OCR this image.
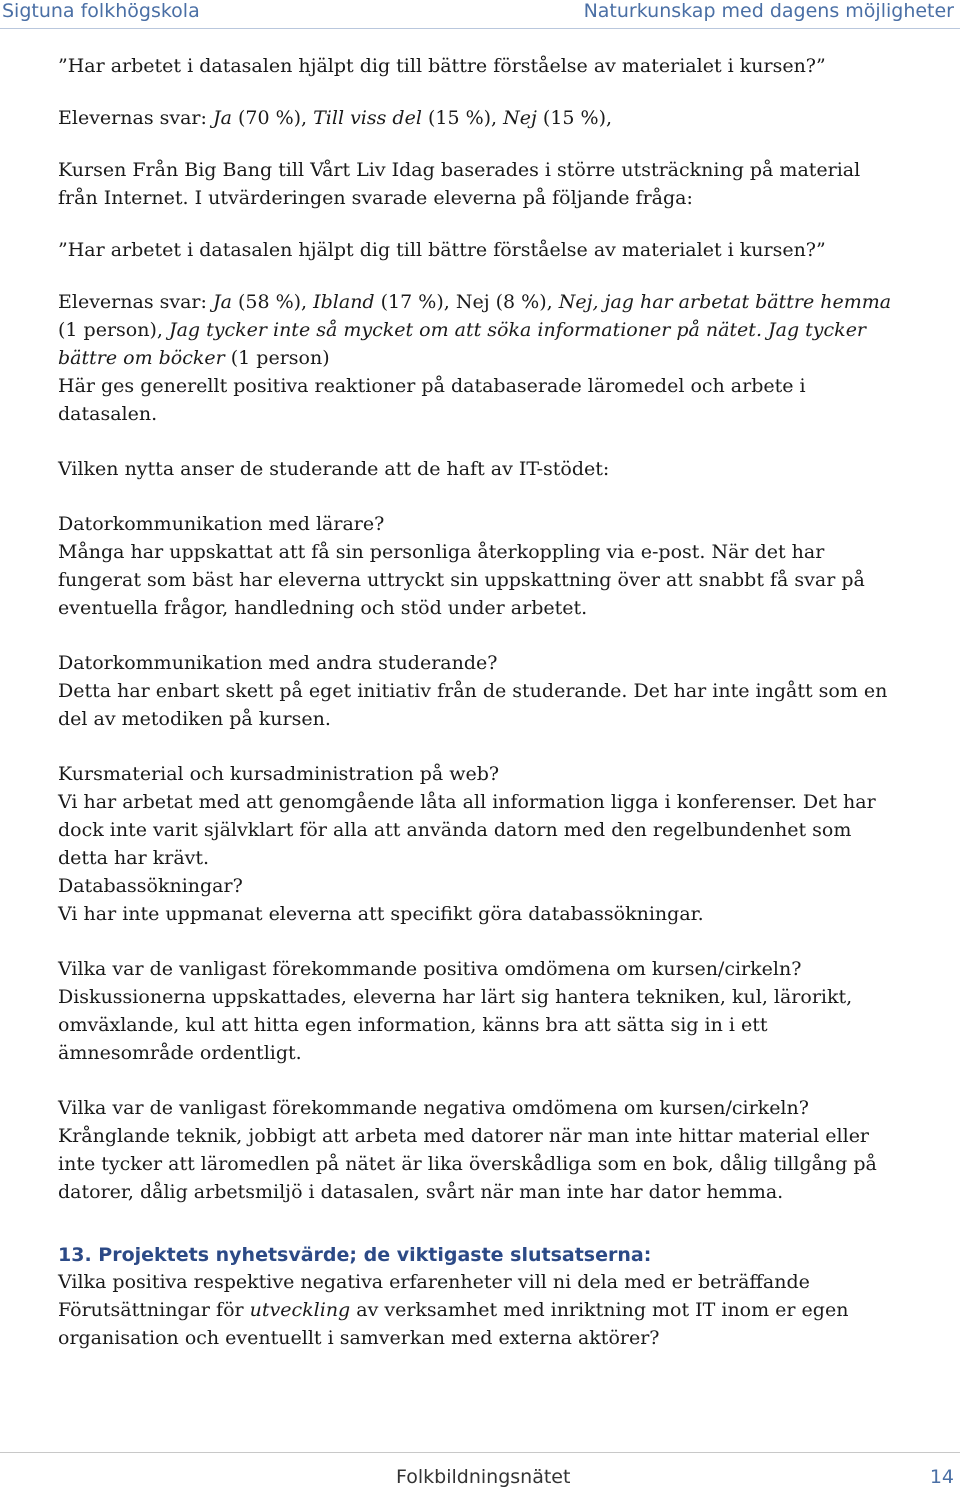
Sigtuna folkhögskola	Naturkunskap med dagens möjligheter

”Har arbetet i datasalen hjälpt dig till bättre förståelse av materialet i kursen?”

Elevernas svar: Ja (70 %), Till viss del (15 %), Nej (15 %),

Kursen Från Big Bang till Vårt Liv Idag baserades i större utsträckning på material från Internet. I utvärderingen svarade eleverna på följande fråga:

”Har arbetet i datasalen hjälpt dig till bättre förståelse av materialet i kursen?”

Elevernas svar: Ja (58 %), Ibland (17 %), Nej (8 %), Nej, jag har arbetat bättre hemma
(1 person), Jag tycker inte så mycket om att söka informationer på nätet. Jag tycker bättre om böcker (1 person)
Här ges generellt positiva reaktioner på databaserade läromedel och arbete i datasalen.

Vilken nytta anser de studerande att de haft av IT-stödet:

Datorkommunikation med lärare?

Många har uppskattat att få sin personliga återkoppling via e-post. När det har fungerat som bäst har eleverna uttryckt sin uppskattning över att snabbt få svar på eventuella frågor, handledning och stöd under arbetet.

Datorkommunikation med andra studerande?

Detta har enbart skett på eget initiativ från de studerande. Det har inte ingått som en del av metodiken på kursen.

Kursmaterial och kursadministration på web?

Vi har arbetat med att genomgående låta all information ligga i konferenser. Det har dock inte varit självklart för alla att använda datorn med den regelbundenhet som detta har krävt.

Databassökningar?

Vi har inte uppmanat eleverna att specifikt göra databassökningar.

Vilka var de vanligast förekommande positiva omdömena om kursen/cirkeln?

Diskussionerna uppskattades, eleverna har lärt sig hantera tekniken, kul, lärorikt, omväxlande, kul att hitta egen information, känns bra att sätta sig in i ett ämnesområde ordentligt.

Vilka var de vanligast förekommande negativa omdömena om kursen/cirkeln?

Krånglande teknik, jobbigt att arbeta med datorer när man inte hittar material eller inte tycker att läromedlen på nätet är lika överskådliga som en bok, dålig tillgång på datorer, dålig arbetsmiljö i datasalen, svårt när man inte har dator hemma.

13. Projektets nyhetsvärde; de viktigaste slutsatserna:

Vilka positiva respektive negativa erfarenheter vill ni dela med er beträffande Förutsättningar för utveckling av verksamhet med inriktning mot IT inom er egen organisation och eventuellt i samverkan med externa aktörer?

Folkbildningsnätet	14
